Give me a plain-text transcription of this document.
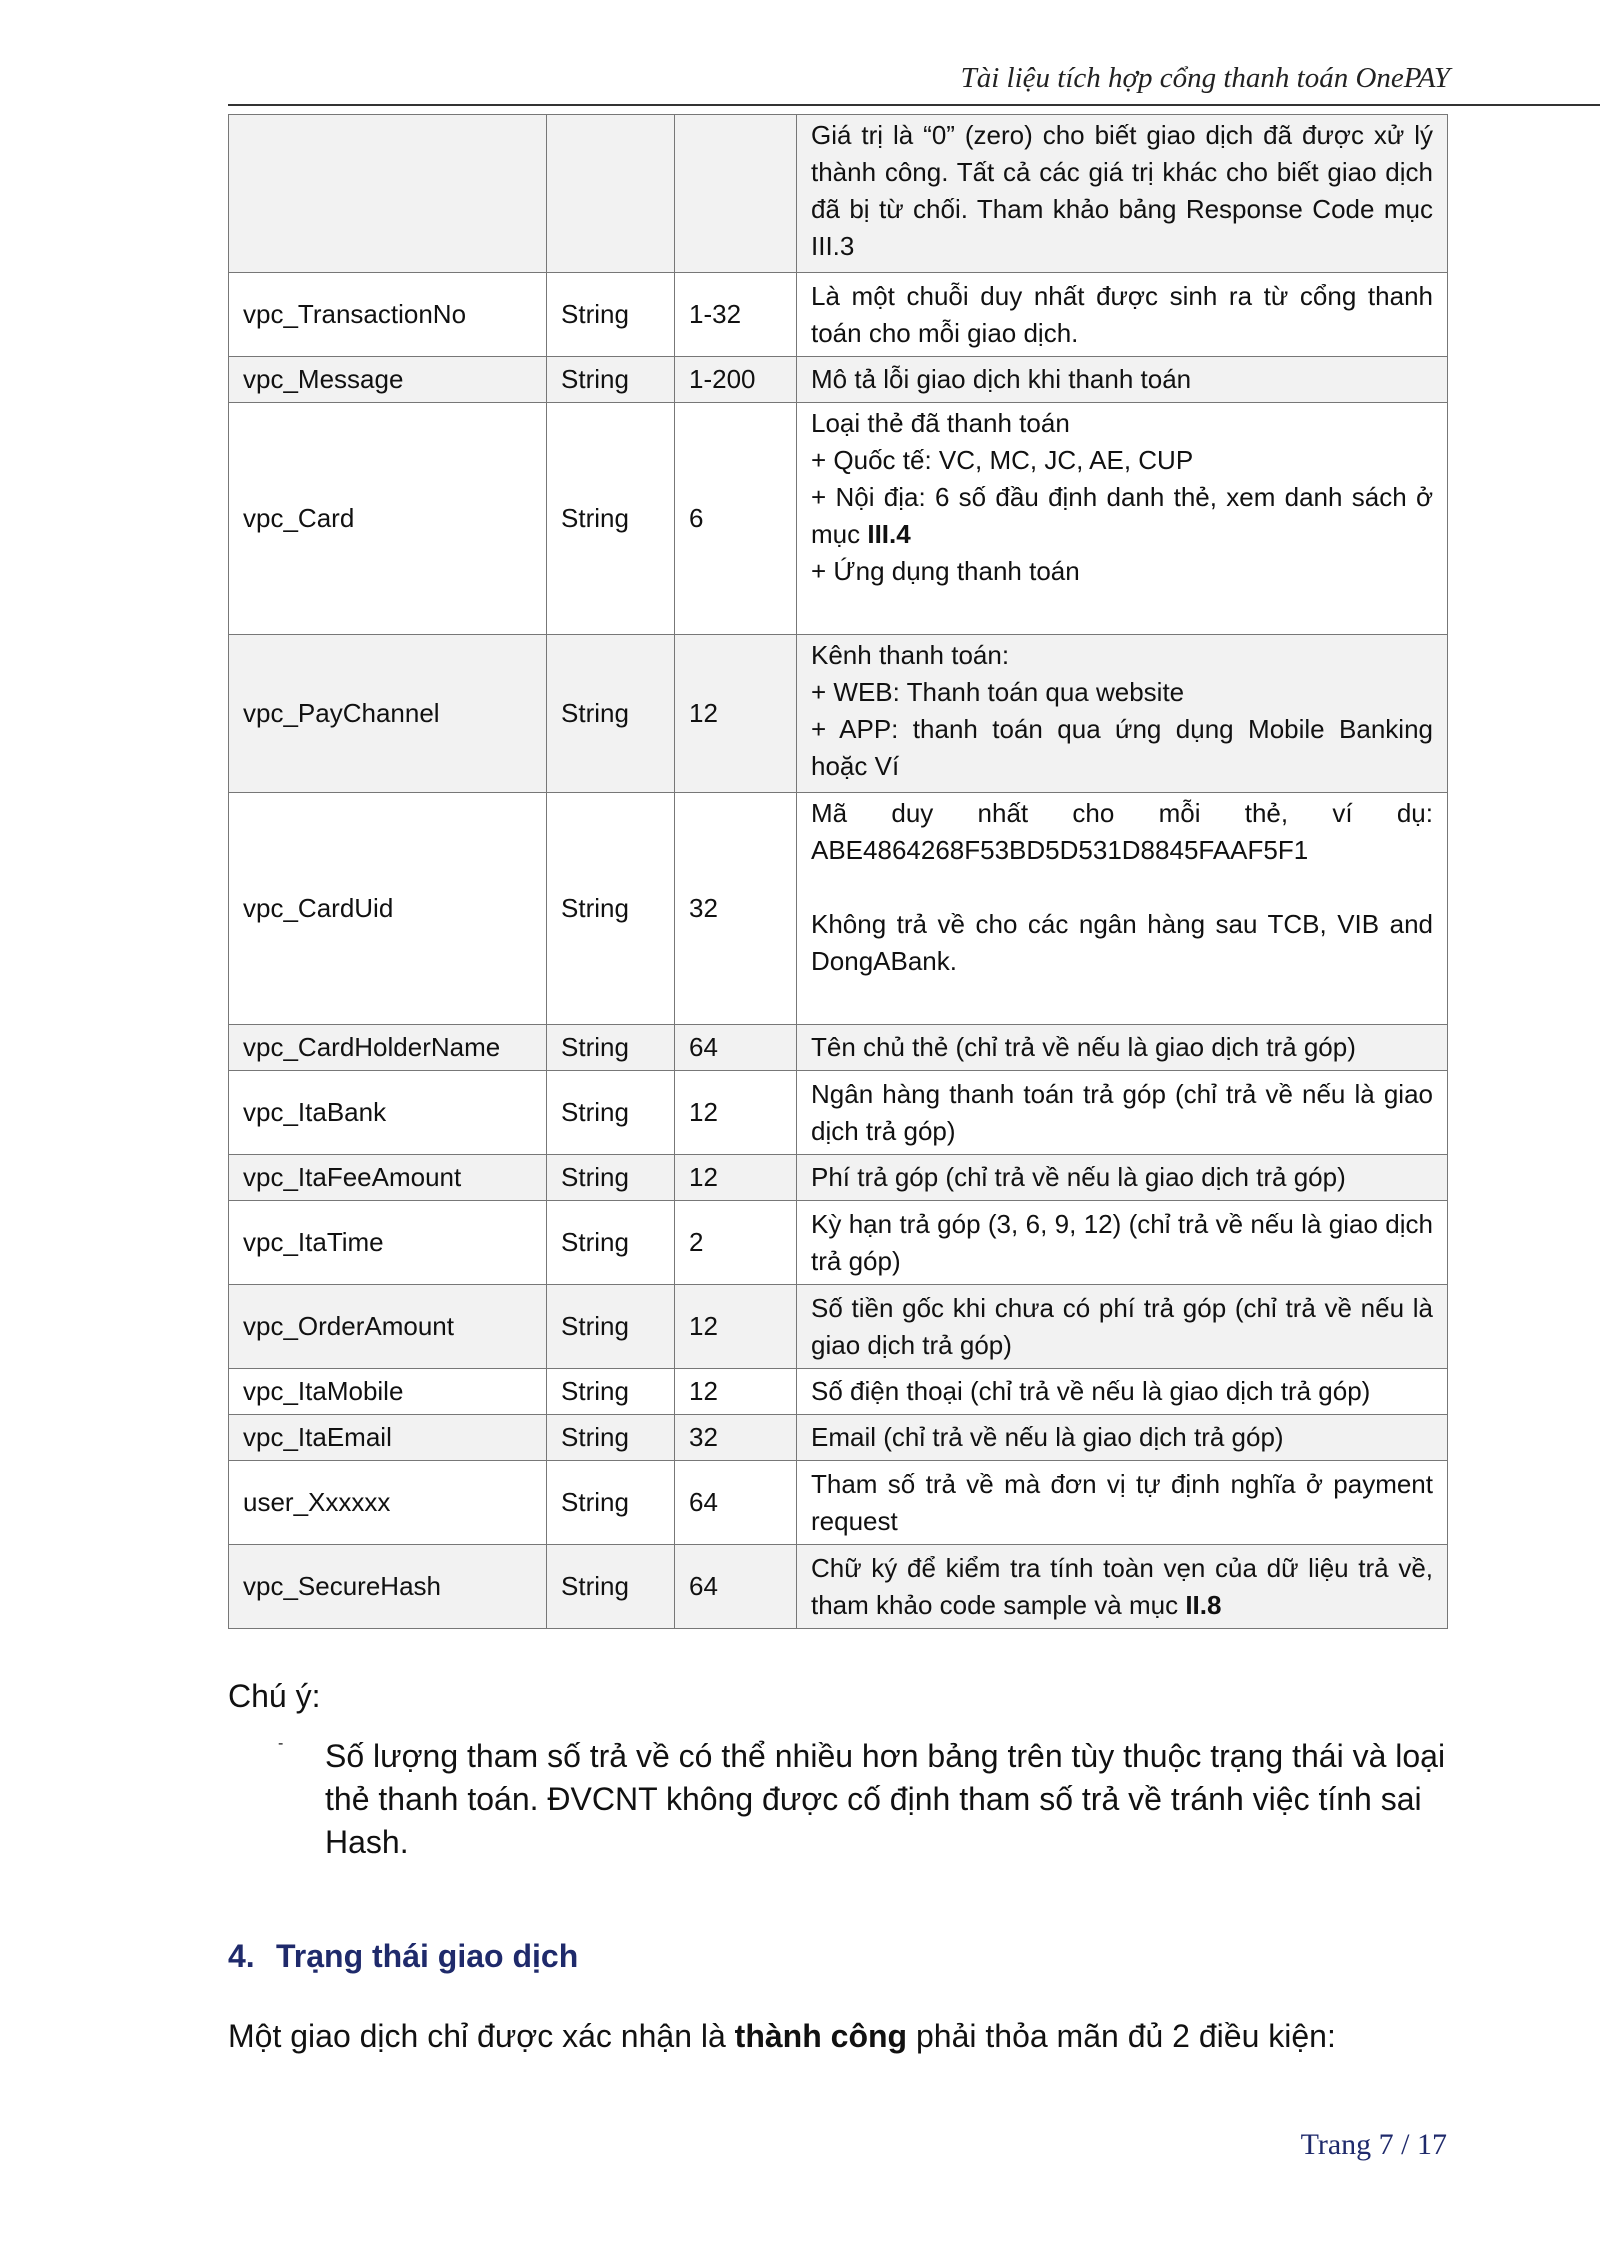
Tài liệu tích hợp cổng thanh toán OnePAY
			Giá trị là “0” (zero) cho biết giao dịch đã được xử lý thành công. Tất cả các giá trị khác cho biết giao dịch đã bị từ chối. Tham khảo bảng Response Code mục III.3
vpc_TransactionNo	String	1-32	Là một chuỗi duy nhất được sinh ra từ cổng thanh toán cho mỗi giao dịch.
vpc_Message	String	1-200	Mô tả lỗi giao dịch khi thanh toán
vpc_Card	String	6	Loại thẻ đã thanh toán
+ Quốc tế: VC, MC, JC, AE, CUP
+ Nội địa: 6 số đầu định danh thẻ, xem danh sách ở mục III.4
+ Ứng dụng thanh toán

vpc_PayChannel	String	12	Kênh thanh toán:
+ WEB: Thanh toán qua website
+ APP: thanh toán qua ứng dụng Mobile Banking hoặc Ví

vpc_CardUid	String	32	Mã duy nhất cho mỗi thẻ, ví dụ: ABE4864268F53BD5D531D8845FAAF5F1
Không trả về cho các ngân hàng sau TCB, VIB and DongABank.

vpc_CardHolderName	String	64	Tên chủ thẻ (chỉ trả về nếu là giao dịch trả góp)
vpc_ItaBank	String	12	Ngân hàng thanh toán trả góp (chỉ trả về nếu là giao dịch trả góp)
vpc_ItaFeeAmount	String	12	Phí trả góp (chỉ trả về nếu là giao dịch trả góp)
vpc_ItaTime	String	2	Kỳ hạn trả góp (3, 6, 9, 12) (chỉ trả về nếu là giao dịch trả góp)
vpc_OrderAmount	String	12	Số tiền gốc khi chưa có phí trả góp (chỉ trả về nếu là giao dịch trả góp)
vpc_ItaMobile	String	12	Số điện thoại (chỉ trả về nếu là giao dịch trả góp)
vpc_ItaEmail	String	32	Email (chỉ trả về nếu là giao dịch trả góp)
user_Xxxxxx	String	64	Tham số trả về mà đơn vị tự định nghĩa ở payment request
vpc_SecureHash	String	64	Chữ ký để kiểm tra tính toàn vẹn của dữ liệu trả về, tham khảo code sample và mục II.8
Chú ý:
- Số lượng tham số trả về có thể nhiều hơn bảng trên tùy thuộc trạng thái và loại thẻ thanh toán. ĐVCNT không được cố định tham số trả về tránh việc tính sai Hash.
4. Trạng thái giao dịch
Một giao dịch chỉ được xác nhận là thành công phải thỏa mãn đủ 2 điều kiện:
Trang 7 / 17
